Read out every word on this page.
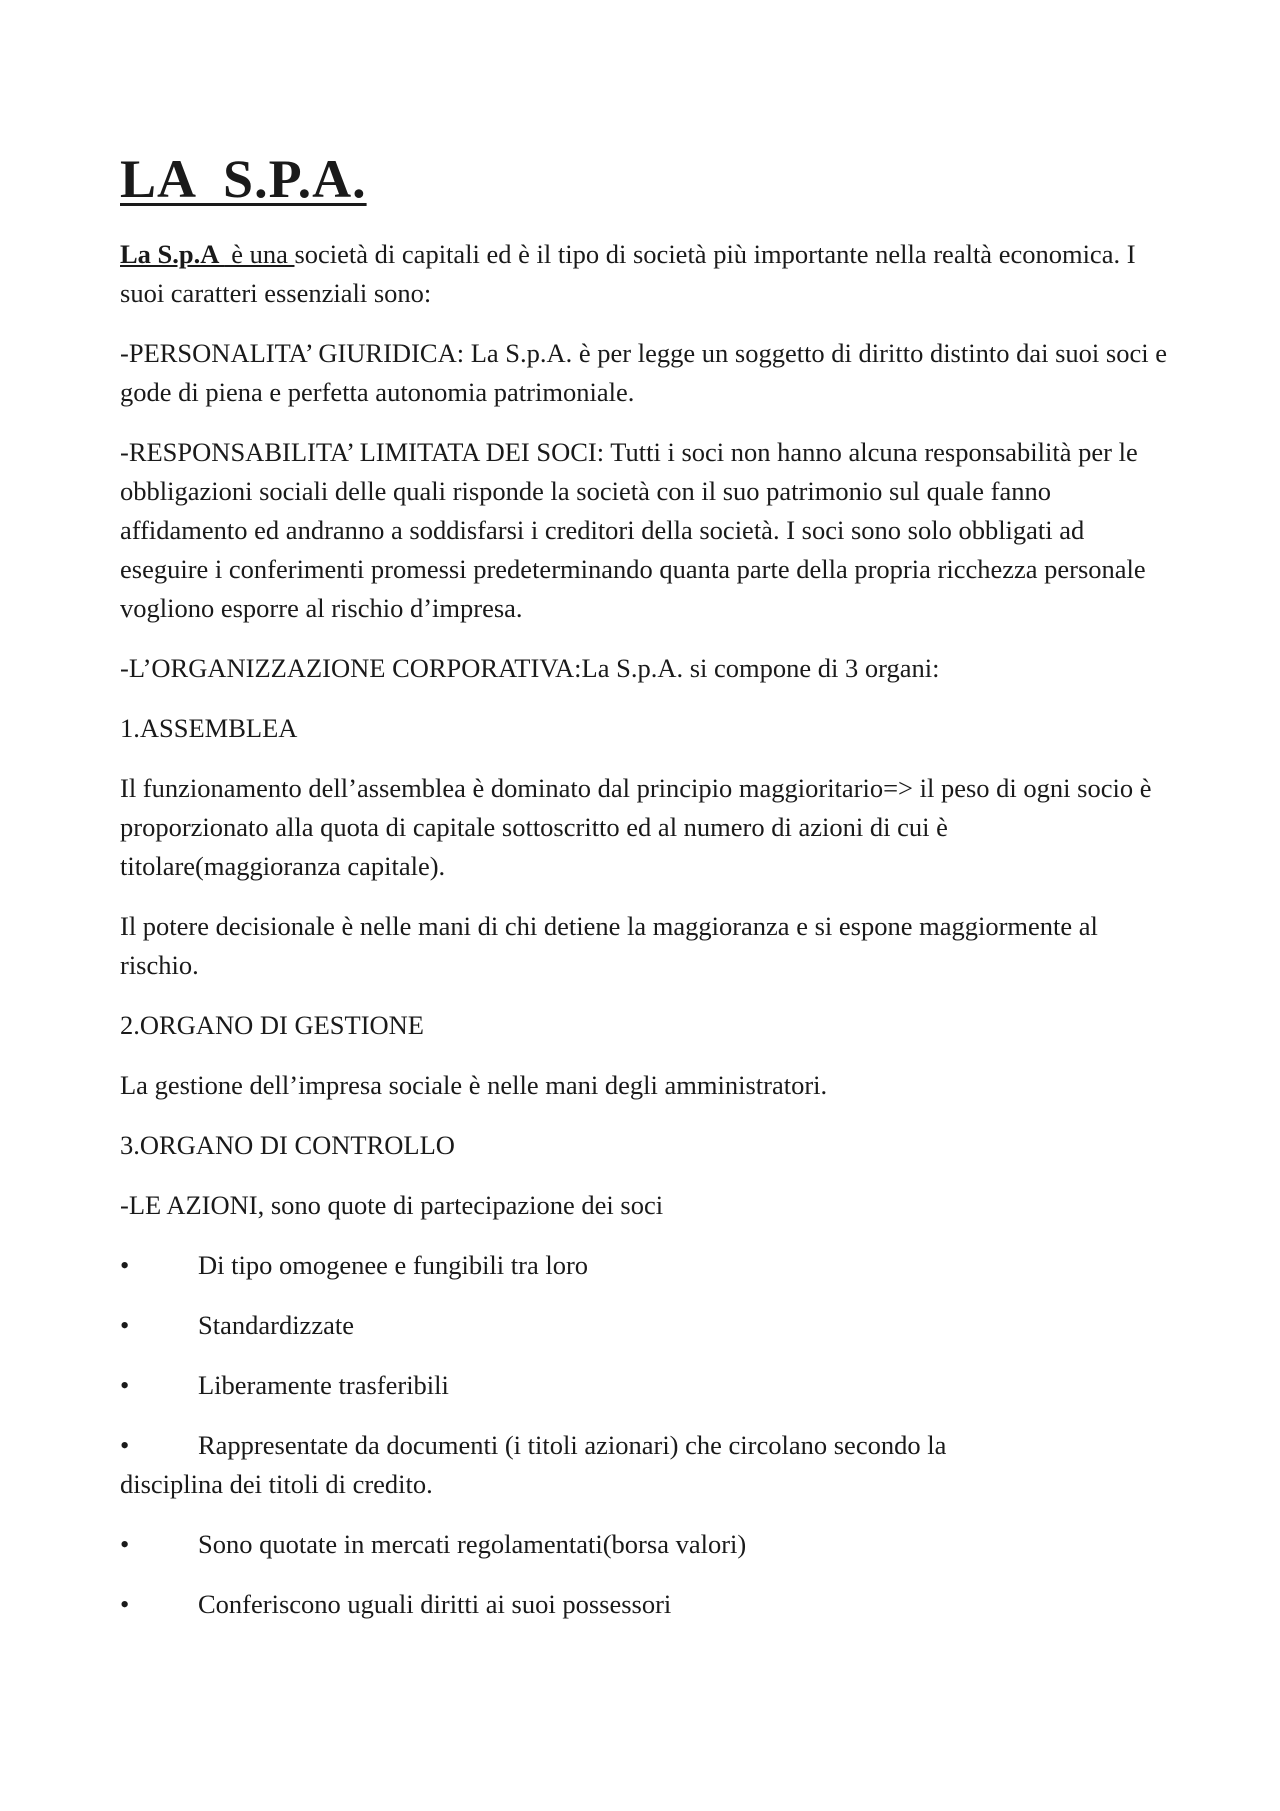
LA  S.P.A.

La S.p.A  è una società di capitali ed è il tipo di società più importante nella realtà economica. I suoi caratteri essenziali sono:

-PERSONALITA’ GIURIDICA: La S.p.A. è per legge un soggetto di diritto distinto dai suoi soci e gode di piena e perfetta autonomia patrimoniale.

-RESPONSABILITA’ LIMITATA DEI SOCI: Tutti i soci non hanno alcuna responsabilità per le obbligazioni sociali delle quali risponde la società con il suo patrimonio sul quale fanno affidamento ed andranno a soddisfarsi i creditori della società. I soci sono solo obbligati ad eseguire i conferimenti promessi predeterminando quanta parte della propria ricchezza personale vogliono esporre al rischio d’impresa.

-L’ORGANIZZAZIONE CORPORATIVA:La S.p.A. si compone di 3 organi:

1.ASSEMBLEA

Il funzionamento dell’assemblea è dominato dal principio maggioritario=> il peso di ogni socio è proporzionato alla quota di capitale sottoscritto ed al numero di azioni di cui è titolare(maggioranza capitale).

Il potere decisionale è nelle mani di chi detiene la maggioranza e si espone maggiormente al rischio.

2.ORGANO DI GESTIONE

La gestione dell’impresa sociale è nelle mani degli amministratori.

3.ORGANO DI CONTROLLO

-LE AZIONI, sono quote di partecipazione dei soci

•	Di tipo omogenee e fungibili tra loro
•	Standardizzate
•	Liberamente trasferibili
•	Rappresentate da documenti (i titoli azionari) che circolano secondo la
disciplina dei titoli di credito.
•	Sono quotate in mercati regolamentati(borsa valori)
•	Conferiscono uguali diritti ai suoi possessori
